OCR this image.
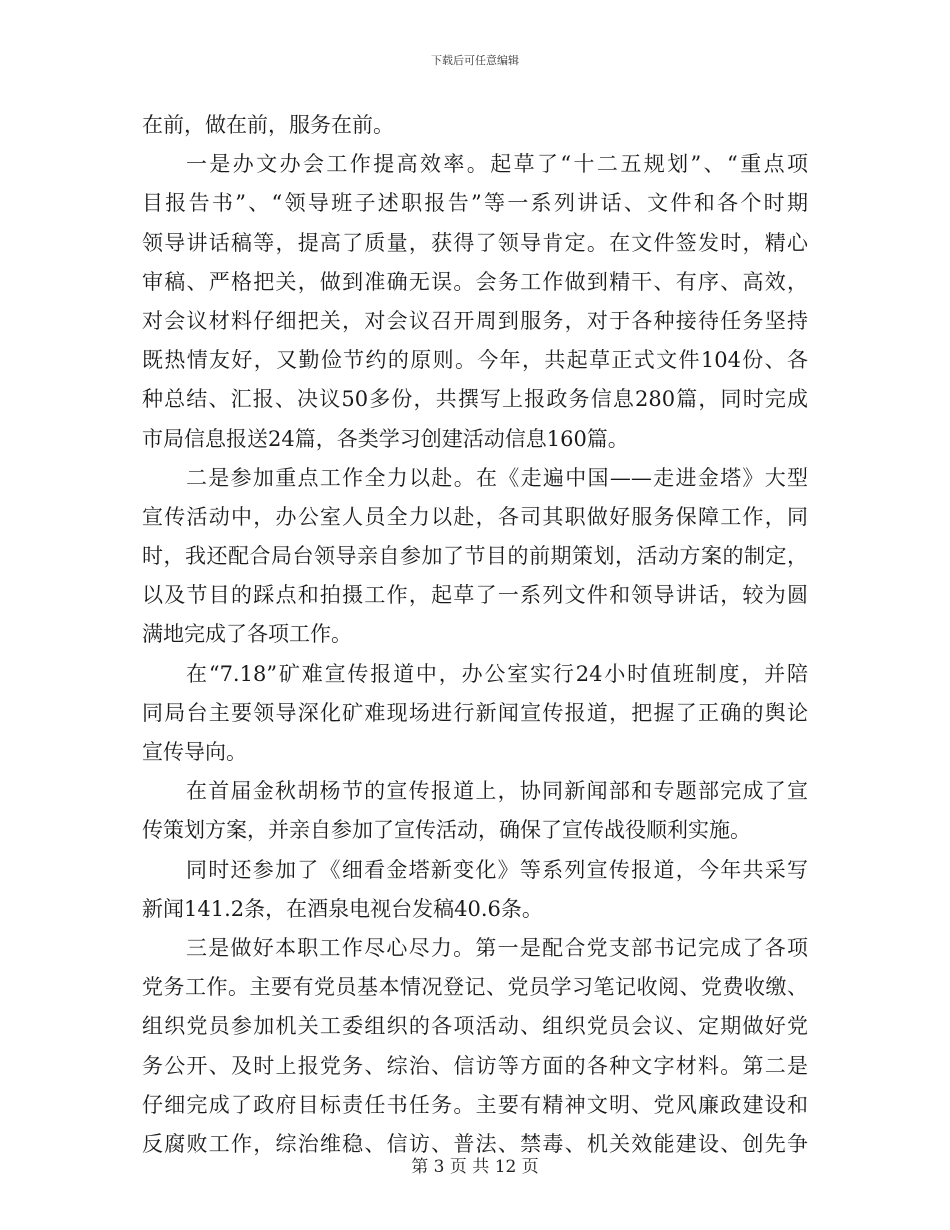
下载后可任意编辑
在前，做在前，服务在前。
一是办文办会工作提高效率。起草了“十二五规划”、“重点项
目报告书”、“领导班子述职报告”等一系列讲话、文件和各个时期
领导讲话稿等，提高了质量，获得了领导肯定。在文件签发时，精心
审稿、严格把关，做到准确无误。会务工作做到精干、有序、高效，
对会议材料仔细把关，对会议召开周到服务，对于各种接待任务坚持
既热情友好，又勤俭节约的原则。今年，共起草正式文件104份、各
种总结、汇报、决议50多份，共撰写上报政务信息280篇，同时完成
市局信息报送24篇，各类学习创建活动信息160篇。
二是参加重点工作全力以赴。在《走遍中国——走进金塔》大型
宣传活动中，办公室人员全力以赴，各司其职做好服务保障工作，同
时，我还配合局台领导亲自参加了节目的前期策划，活动方案的制定，
以及节目的踩点和拍摄工作，起草了一系列文件和领导讲话，较为圆
满地完成了各项工作。
在“7.18”矿难宣传报道中，办公室实行24小时值班制度，并陪
同局台主要领导深化矿难现场进行新闻宣传报道，把握了正确的舆论
宣传导向。
在首届金秋胡杨节的宣传报道上，协同新闻部和专题部完成了宣
传策划方案，并亲自参加了宣传活动，确保了宣传战役顺利实施。
同时还参加了《细看金塔新变化》等系列宣传报道，今年共采写
新闻141.2条，在酒泉电视台发稿40.6条。
三是做好本职工作尽心尽力。第一是配合党支部书记完成了各项
党务工作。主要有党员基本情况登记、党员学习笔记收阅、党费收缴、
组织党员参加机关工委组织的各项活动、组织党员会议、定期做好党
务公开、及时上报党务、综治、信访等方面的各种文字材料。第二是
仔细完成了政府目标责任书任务。主要有精神文明、党风廉政建设和
反腐败工作，综治维稳、信访、普法、禁毒、机关效能建设、创先争
第 3 页 共 12 页
